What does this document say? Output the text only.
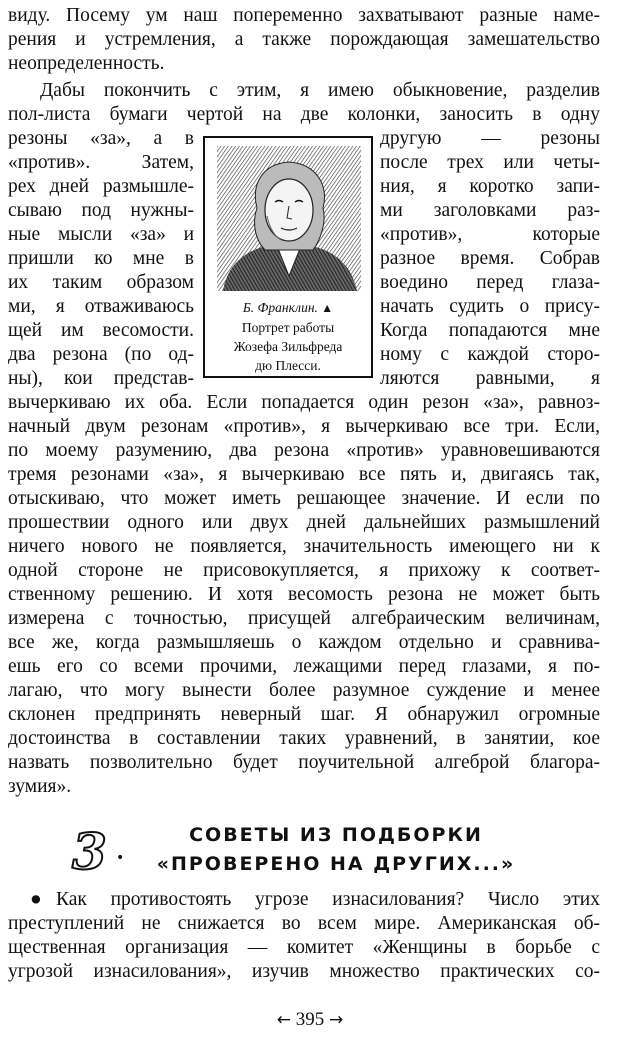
виду. Посему ум наш попеременно захватывают разные наме-
рения и устремления, а также порождающая замешательство
неопределенность.
Дабы покончить с этим, я имею обыкновение, разделив
пол-листа бумаги чертой на две колонки, заносить в одну
резоны «за», а в
«против». Затем,
рех дней размышле-
сываю под нужны-
ные мысли «за» и
пришли ко мне в
их таким образом
ми, я отваживаюсь
щей им весомости.
два резона (по од-
ны), кои представ-
другую — резоны
после трех или четы-
ния, я коротко запи-
ми заголовками раз-
«против», которые
разное время. Собрав
воедино перед глаза-
начать судить о прису-
Когда попадаются мне
ному с каждой сторо-
ляются равными, я
Б. Франклин. ▲
Портрет работы
Жозефа Зильфреда
дю Плесси.
вычеркиваю их оба. Если попадается один резон «за», равноз-
начный двум резонам «против», я вычеркиваю все три. Если,
по моему разумению, два резона «против» уравновешиваются
тремя резонами «за», я вычеркиваю все пять и, двигаясь так,
отыскиваю, что может иметь решающее значение. И если по
прошествии одного или двух дней дальнейших размышлений
ничего нового не появляется, значительность имеющего ни к
одной стороне не присовокупляется, я прихожу к соответ-
ственному решению. И хотя весомость резона не может быть
измерена с точностью, присущей алгебраическим величинам,
все же, когда размышляешь о каждом отдельно и сравнива-
ешь его со всеми прочими, лежащими перед глазами, я по-
лагаю, что могу вынести более разумное суждение и менее
склонен предпринять неверный шаг. Я обнаружил огромные
достоинства в составлении таких уравнений, в занятии, кое
назвать позволительно будет поучительной алгеброй благора-
зумия».
3 •
СОВЕТЫ ИЗ ПОДБОРКИ
«ПРОВЕРЕНО НА ДРУГИХ...»
● Как противостоять угрозе изнасилования? Число этих
преступлений не снижается во всем мире. Американская об-
щественная организация — комитет «Женщины в борьбе с
угрозой изнасилования», изучив множество практических со-
← 395 →
